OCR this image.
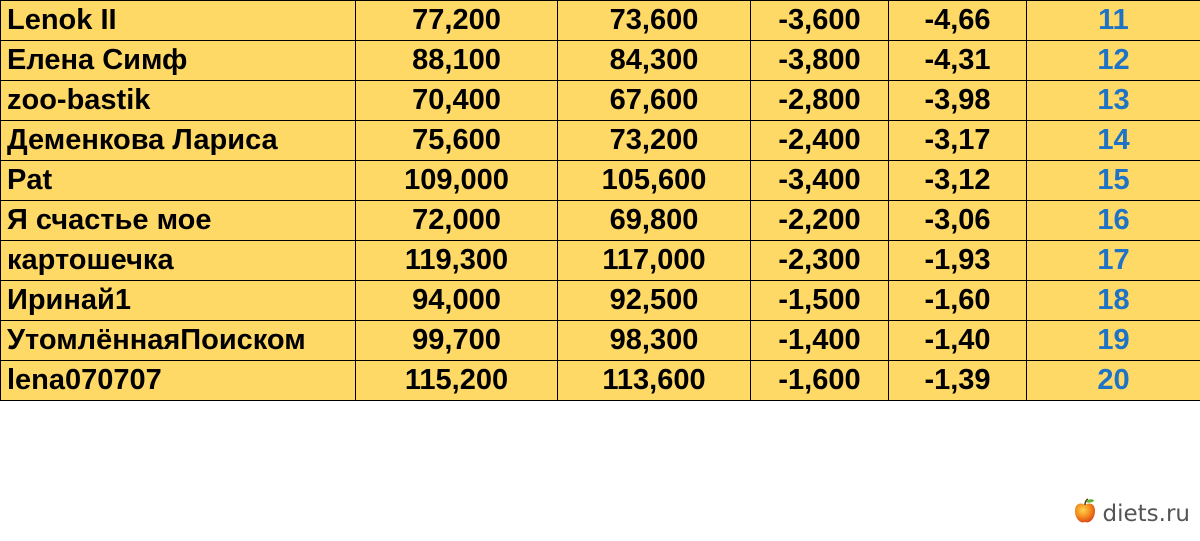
Lenok II	77,200	73,600	-3,600	-4,66	11
Елена Симф	88,100	84,300	-3,800	-4,31	12
zoo-bastik	70,400	67,600	-2,800	-3,98	13
Деменкова Лариса	75,600	73,200	-2,400	-3,17	14
Pat	109,000	105,600	-3,400	-3,12	15
Я счастье мое	72,000	69,800	-2,200	-3,06	16
картошечка	119,300	117,000	-2,300	-1,93	17
Иринай1	94,000	92,500	-1,500	-1,60	18
УтомлённаяПоиском	99,700	98,300	-1,400	-1,40	19
lena070707	115,200	113,600	-1,600	-1,39	20
diets.ru
